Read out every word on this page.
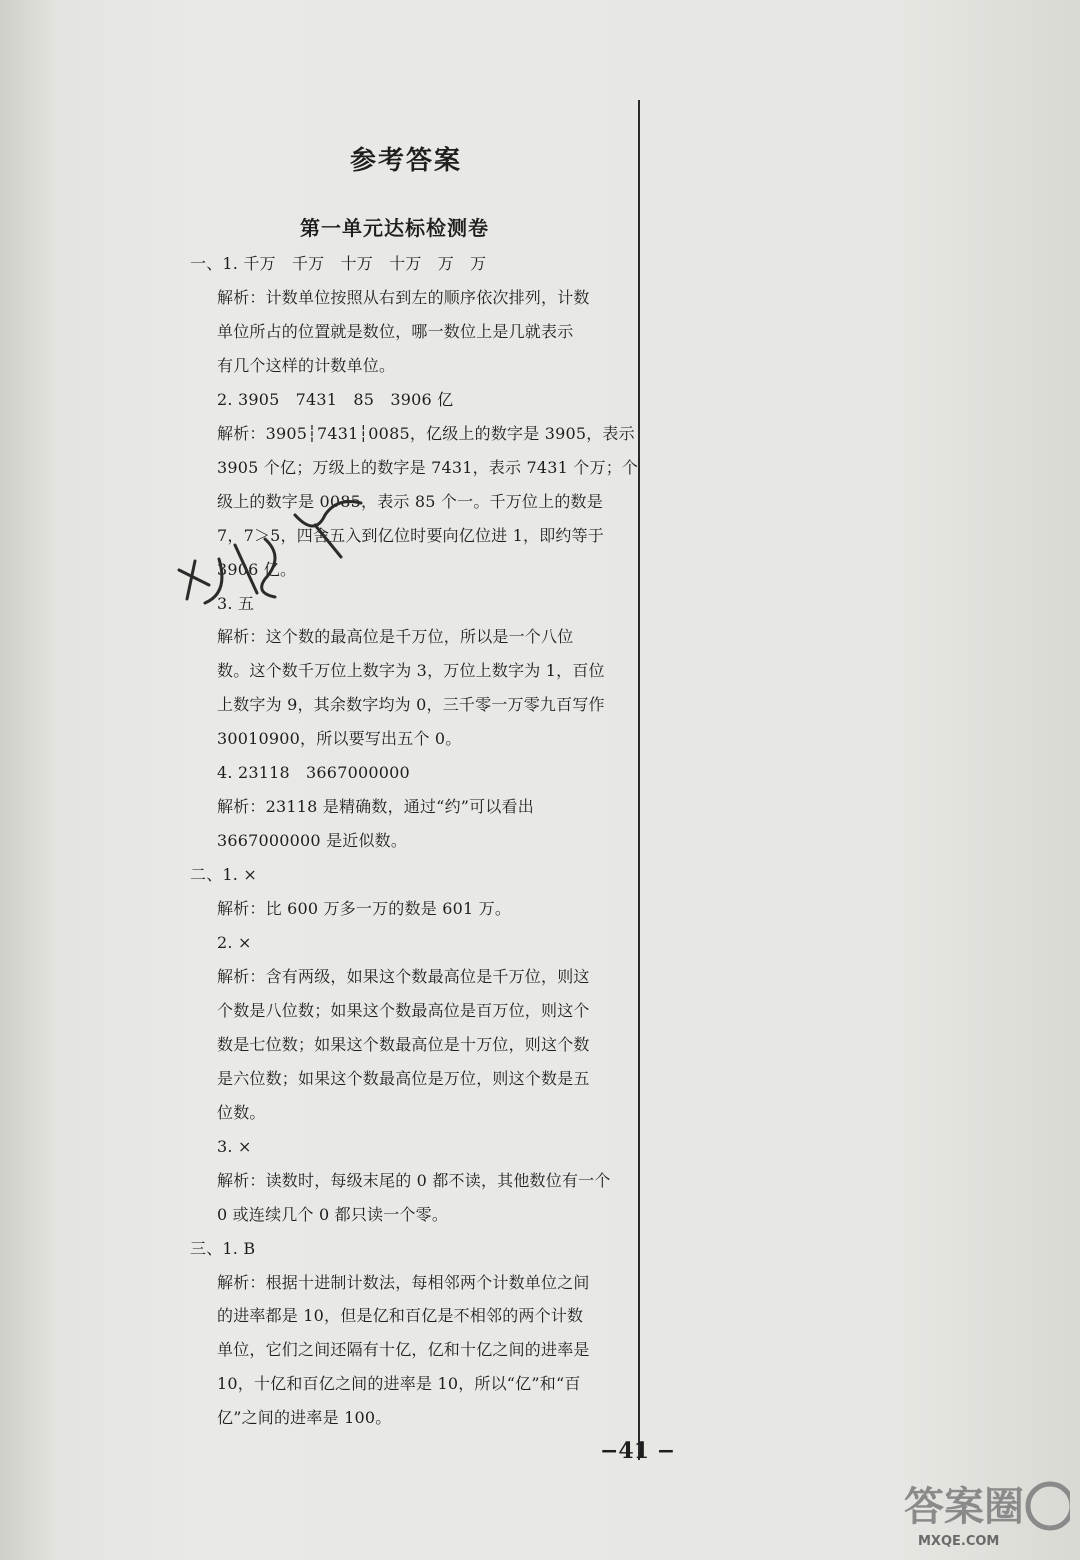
参考答案
第一单元达标检测卷
一、1. 千万　千万　十万　十万　万　万
解析：计数单位按照从右到左的顺序依次排列，计数
单位所占的位置就是数位，哪一数位上是几就表示
有几个这样的计数单位。
2. 3905　7431　85　3906 亿
解析：3905┆7431┆0085，亿级上的数字是 3905，表示
3905 个亿；万级上的数字是 7431，表示 7431 个万；个
级上的数字是 0085，表示 85 个一。千万位上的数是
7，7＞5，四舍五入到亿位时要向亿位进 1，即约等于
3906 亿。
3. 五
解析：这个数的最高位是千万位，所以是一个八位
数。这个数千万位上数字为 3，万位上数字为 1，百位
上数字为 9，其余数字均为 0，三千零一万零九百写作
30010900，所以要写出五个 0。
4. 23118　3667000000
解析：23118 是精确数，通过“约”可以看出
3667000000 是近似数。
二、1. ×
解析：比 600 万多一万的数是 601 万。
2. ×
解析：含有两级，如果这个数最高位是千万位，则这
个数是八位数；如果这个数最高位是百万位，则这个
数是七位数；如果这个数最高位是十万位，则这个数
是六位数；如果这个数最高位是万位，则这个数是五
位数。
3. ×
解析：读数时，每级末尾的 0 都不读，其他数位有一个
0 或连续几个 0 都只读一个零。
三、1. B
解析：根据十进制计数法，每相邻两个计数单位之间
的进率都是 10，但是亿和百亿是不相邻的两个计数
单位，它们之间还隔有十亿，亿和十亿之间的进率是
10，十亿和百亿之间的进率是 10，所以“亿”和“百
亿”之间的进率是 100。
−41 −
答案圈
MXQE.COM
